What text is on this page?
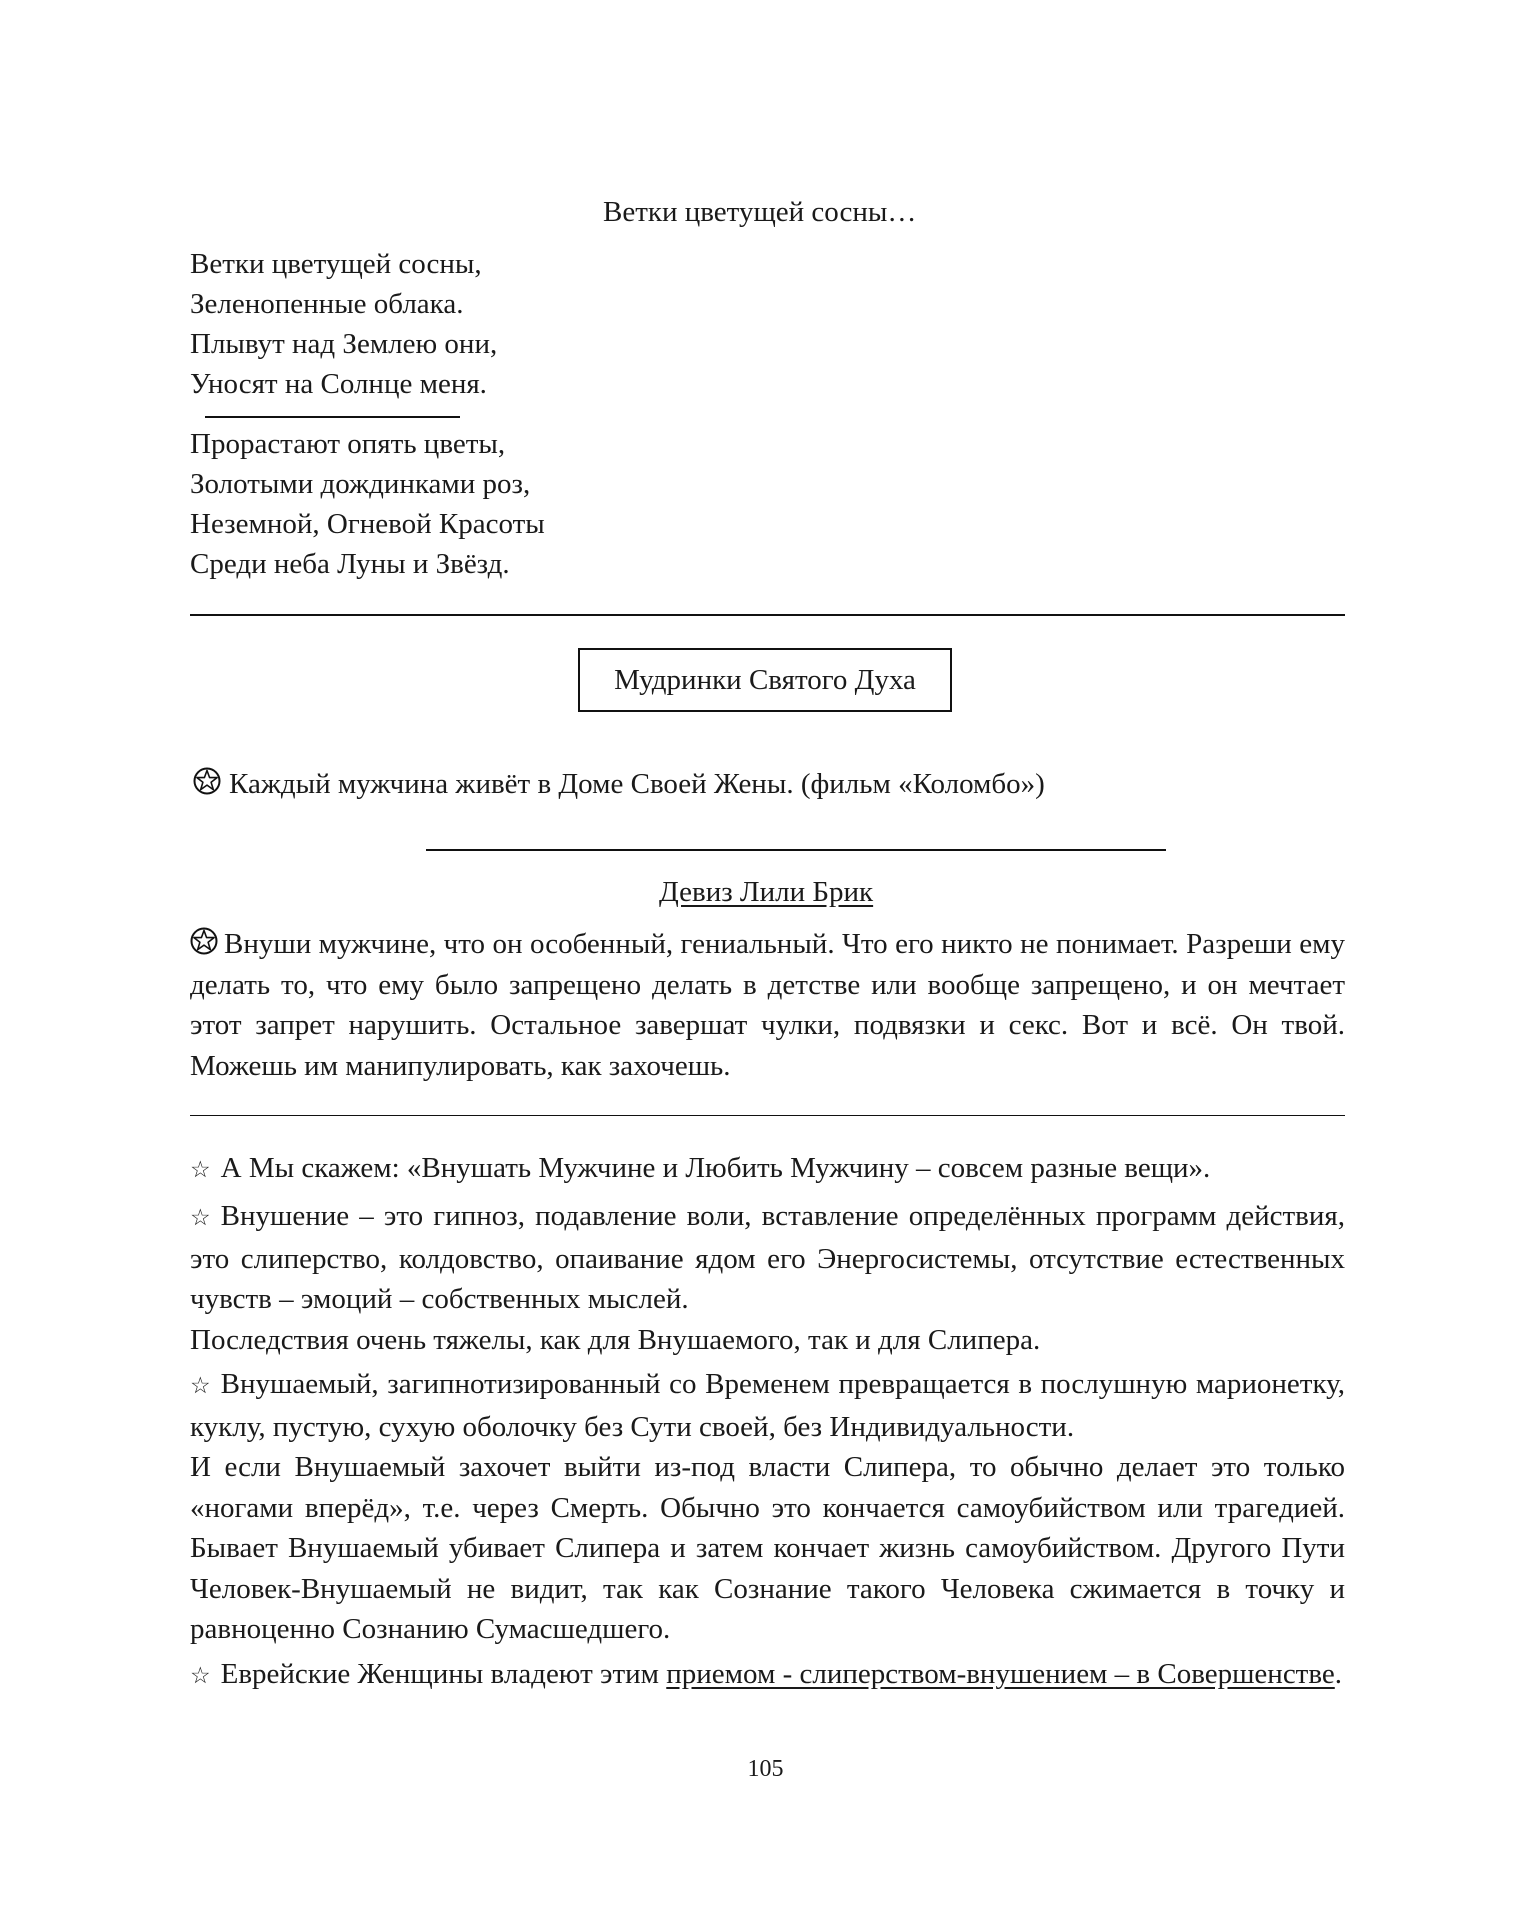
Ветки цветущей сосны…
Ветки цветущей сосны,
Зеленопенные облака.
Плывут над Землею они,
Уносят на Солнце меня.
Прорастают опять цветы,
Золотыми дождинками роз,
Неземной, Огневой Красоты
Среди неба Луны и Звёзд.
Мудринки Святого Духа
Каждый мужчина живёт в Доме Своей Жены. (фильм «Коломбо»)
Девиз Лили Брик

Внуши мужчине, что он особенный, гениальный. Что его никто не понимает. Разреши ему делать то, что ему было запрещено делать в детстве или вообще запрещено, и он мечтает этот запрет нарушить. Остальное завершат чулки, подвязки и секс. Вот и всё. Он твой. Можешь им манипулировать, как захочешь.

☆ А Мы скажем: «Внушать Мужчине и Любить Мужчину – совсем разные вещи».

☆ Внушение – это гипноз, подавление воли, вставление определённых программ действия, это слиперство, колдовство, опаивание ядом его Энергосистемы, отсутствие естественных чувств – эмоций – собственных мыслей.

Последствия очень тяжелы, как для Внушаемого, так и для Слипера.

☆ Внушаемый, загипнотизированный со Временем превращается в послушную марионетку, куклу, пустую, сухую оболочку без Сути своей, без Индивидуальности.

И если Внушаемый захочет выйти из-под власти Слипера, то обычно делает это только «ногами вперёд», т.е. через Смерть. Обычно это кончается самоубийством или трагедией. Бывает Внушаемый убивает Слипера и затем кончает жизнь самоубийством. Другого Пути Человек-Внушаемый не видит, так как Сознание такого Человека сжимается в точку и равноценно Сознанию Сумасшедшего.

☆ Еврейские Женщины владеют этим приемом - слиперством-внушением – в Совершенстве.

105
